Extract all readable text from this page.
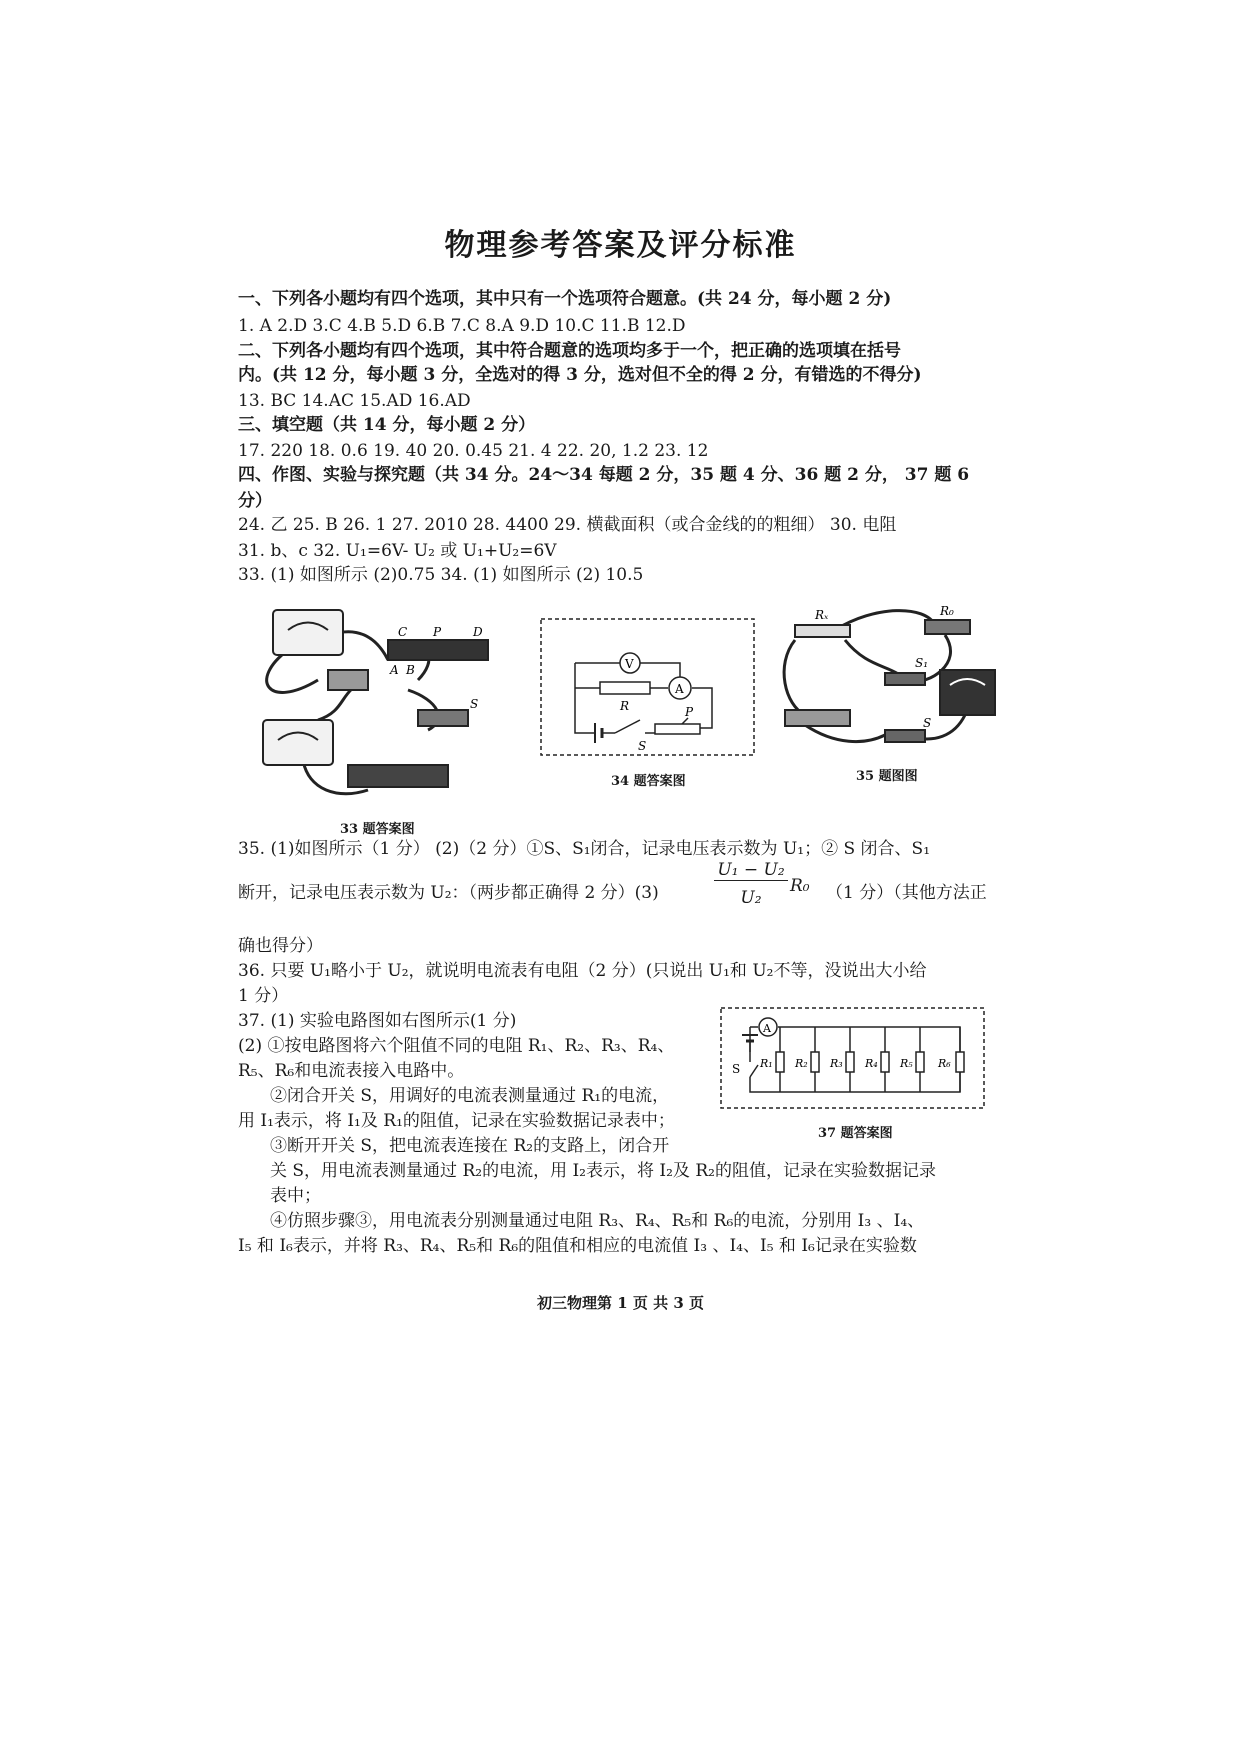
物理参考答案及评分标准
一、下列各小题均有四个选项，其中只有一个选项符合题意。(共 24 分，每小题 2 分)
1. A 2.D 3.C 4.B 5.D 6.B 7.C 8.A 9.D 10.C 11.B 12.D
二、下列各小题均有四个选项，其中符合题意的选项均多于一个，把正确的选项填在括号
内。(共 12 分，每小题 3 分，全选对的得 3 分，选对但不全的得 2 分，有错选的不得分)
13. BC 14.AC 15.AD 16.AD
三、填空题（共 14 分，每小题 2 分）
17. 220 18. 0.6 19. 40 20. 0.45 21. 4 22. 20, 1.2 23. 12
四、作图、实验与探究题（共 34 分。24～34 每题 2 分，35 题 4 分、36 题 2 分， 37 题 6
分）
24. 乙 25. B 26. 1 27. 2010 28. 4400 29. 横截面积（或合金线的的粗细） 30. 电阻
31. b、c 32. U₁=6V- U₂ 或 U₁+U₂=6V
33. (1) 如图所示 (2)0.75 34. (1) 如图所示 (2) 10.5
C P	D
A B
S
33 题答案图
V
A
R	P
S
34 题答案图
Rₓ	R₀
S₁
S
35 题图图
35. (1)如图所示（1 分） (2)（2 分）①S、S₁闭合，记录电压表示数为 U₁；② S 闭合、S₁
断开，记录电压表示数为 U₂：（两步都正确得 2 分）(3)
U₁ − U₂
U₂
R₀ （1 分）（其他方法正
确也得分）
36. 只要 U₁略小于 U₂，就说明电流表有电阻（2 分）(只说出 U₁和 U₂不等，没说出大小给
1 分）
37. (1) 实验电路图如右图所示(1 分)
(2) ①按电路图将六个阻值不同的电阻 R₁、R₂、R₃、R₄、
R₅、R₆和电流表接入电路中。
②闭合开关 S，用调好的电流表测量通过 R₁的电流，
用 I₁表示，将 I₁及 R₁的阻值，记录在实验数据记录表中；
③断开开关 S，把电流表连接在 R₂的支路上，闭合开
A
S R₁ R₂ R₃ R₄ R₅ R₆
37 题答案图
关 S，用电流表测量通过 R₂的电流，用 I₂表示，将 I₂及 R₂的阻值，记录在实验数据记录
表中；
④仿照步骤③，用电流表分别测量通过电阻 R₃、R₄、R₅和 R₆的电流，分别用 I₃ 、I₄、
I₅ 和 I₆表示，并将 R₃、R₄、R₅和 R₆的阻值和相应的电流值 I₃ 、I₄、I₅ 和 I₆记录在实验数
初三物理第 1 页 共 3 页
